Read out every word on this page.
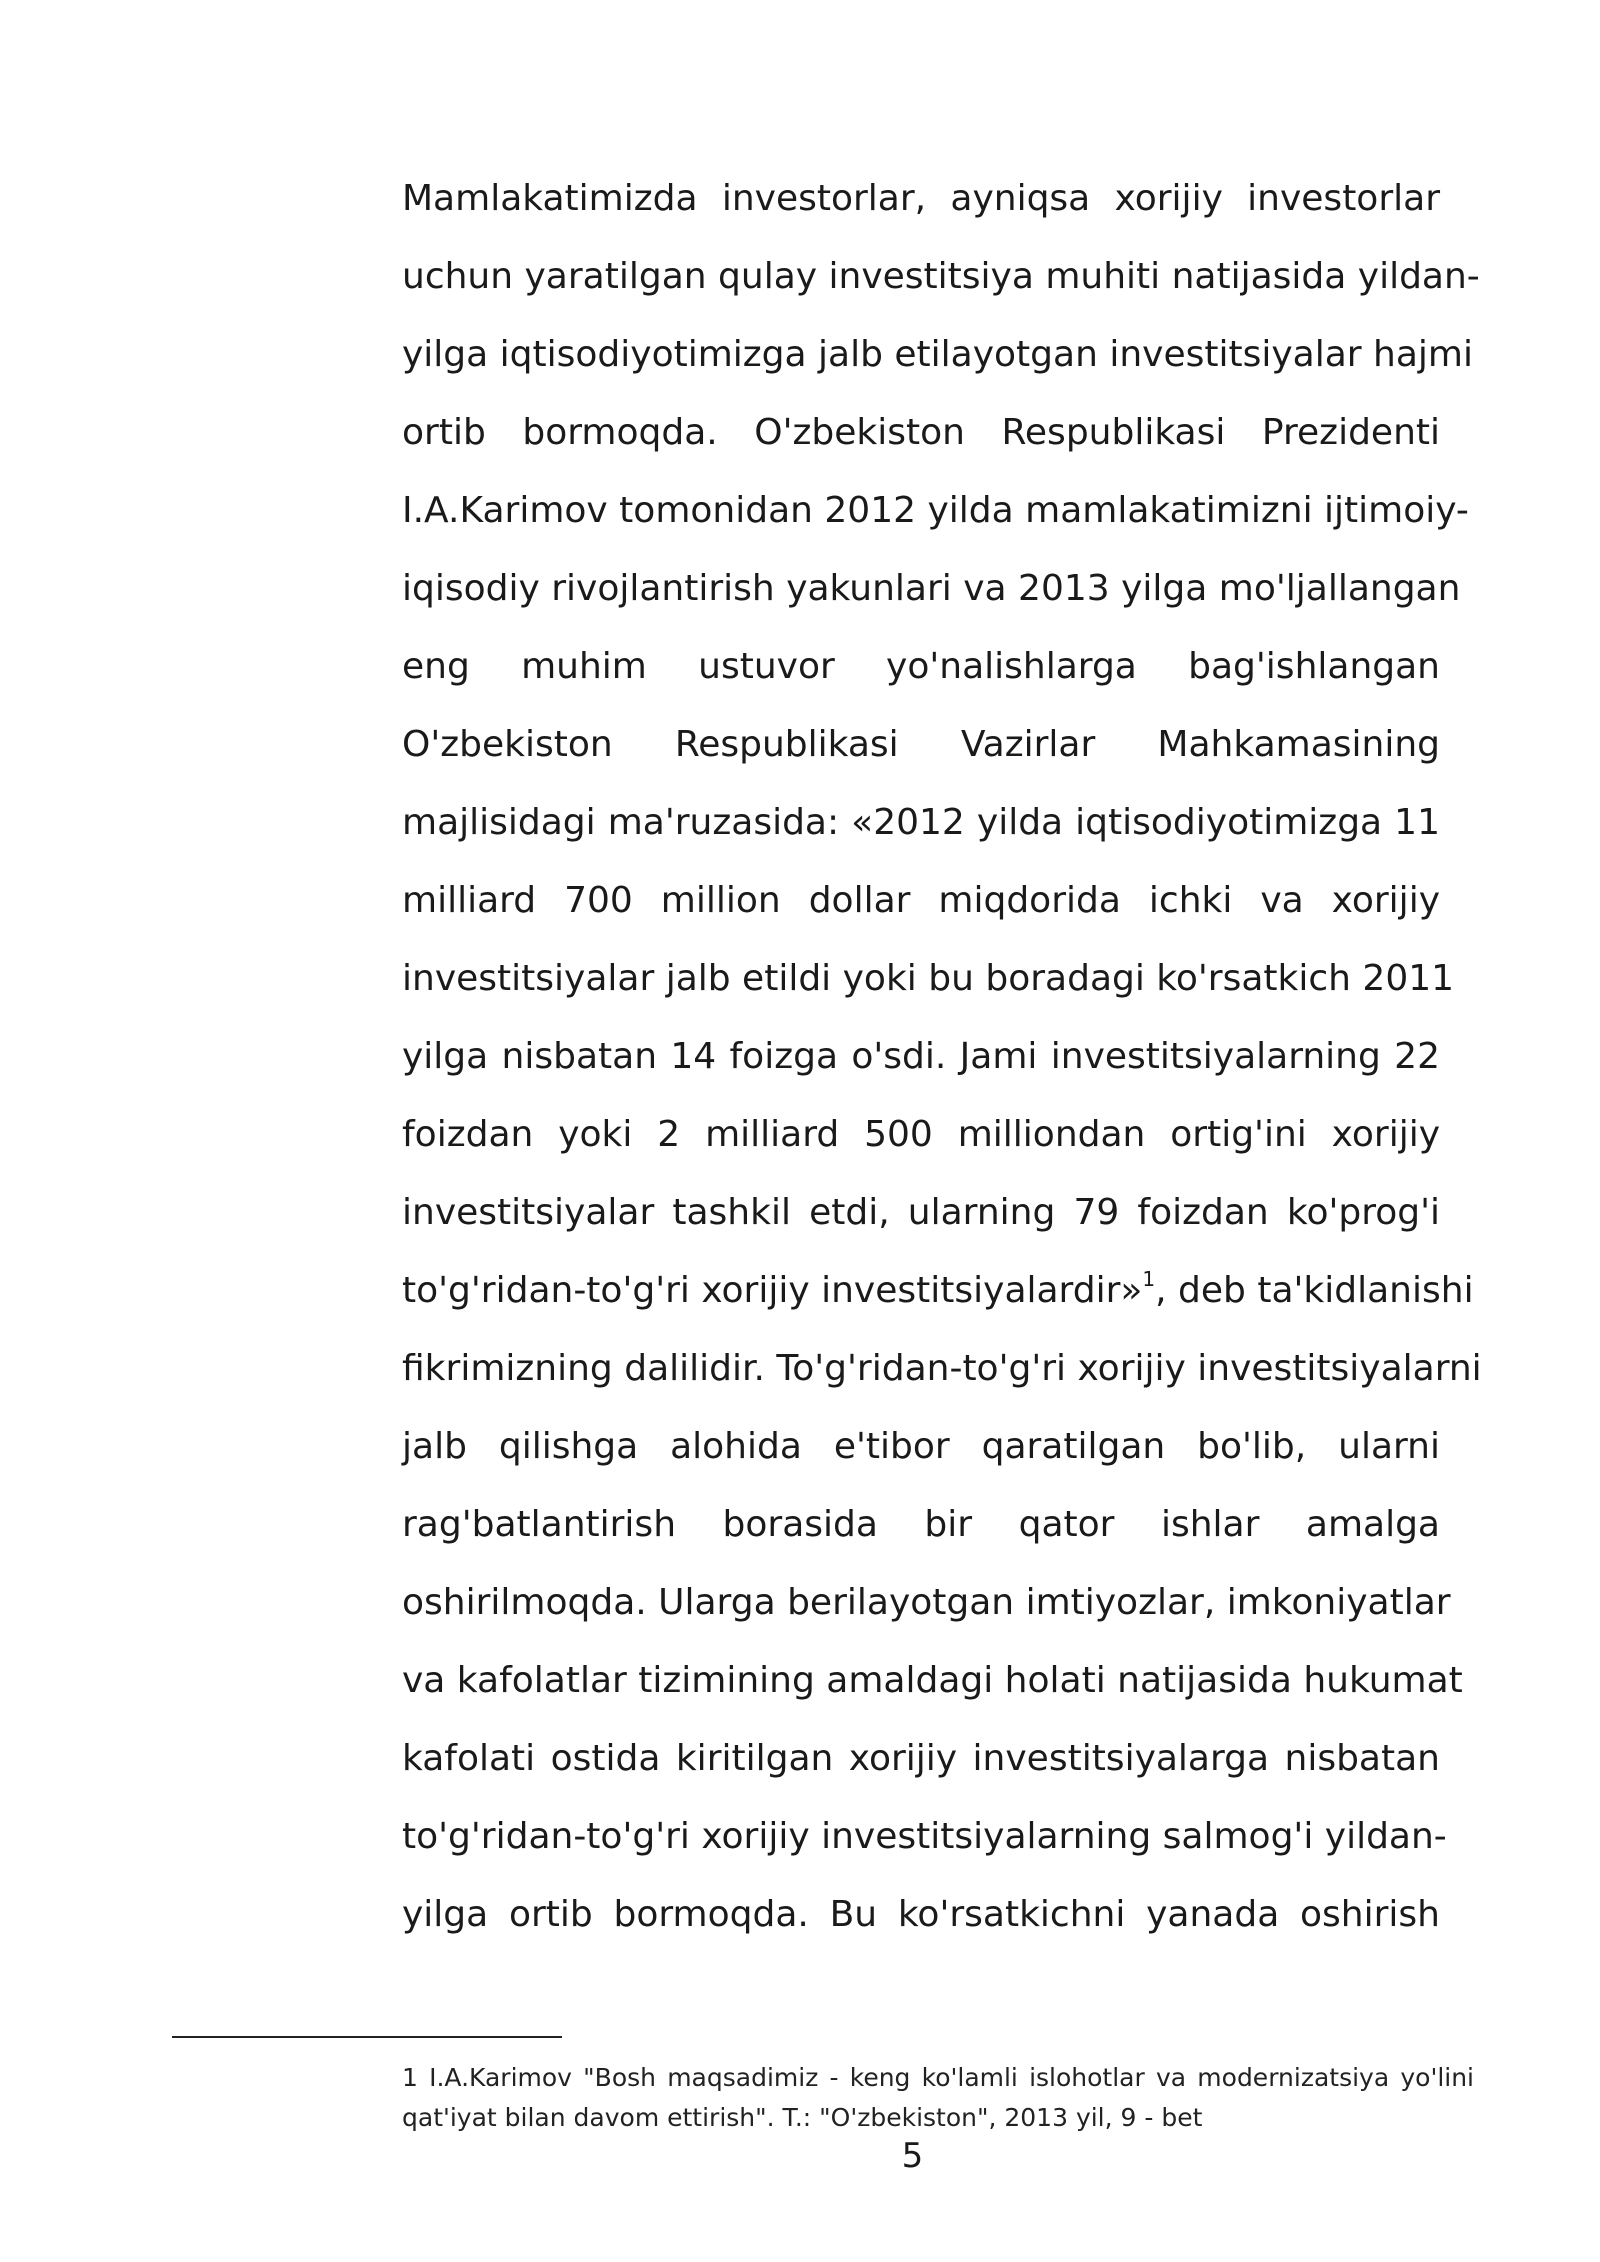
Mamlakatimizda investorlar, ayniqsa xorijiy investorlar
uchun yaratilgan qulay investitsiya muhiti natijasida yildan-
yilga iqtisodiyotimizga jalb etilayotgan investitsiyalar hajmi
ortib bormoqda. O'zbekiston Respublikasi Prezidenti
I.A.Karimov tomonidan 2012 yilda mamlakatimizni ijtimoiy-
iqisodiy rivojlantirish yakunlari va 2013 yilga mo'ljallangan
eng muhim ustuvor yo'nalishlarga bag'ishlangan
O'zbekiston Respublikasi Vazirlar Mahkamasining
majlisidagi ma'ruzasida: «2012 yilda iqtisodiyotimizga 11
milliard 700 million dollar miqdorida ichki va xorijiy
investitsiyalar jalb etildi yoki bu boradagi ko'rsatkich 2011
yilga nisbatan 14 foizga o'sdi. Jami investitsiyalarning 22
foizdan yoki 2 milliard 500 milliondan ortig'ini xorijiy
investitsiyalar tashkil etdi, ularning 79 foizdan ko'prog'i
to'g'ridan-to'g'ri xorijiy investitsiyalardir»$^1$, deb ta'kidlanishi
fikrimizning dalilidir. To'g'ridan-to'g'ri xorijiy investitsiyalarni
jalb qilishga alohida e'tibor qaratilgan bo'lib, ularni
rag'batlantirish borasida bir qator ishlar amalga
oshirilmoqda. Ularga berilayotgan imtiyozlar, imkoniyatlar
va kafolatlar tizimining amaldagi holati natijasida hukumat
kafolati ostida kiritilgan xorijiy investitsiyalarga nisbatan
to'g'ridan-to'g'ri xorijiy investitsiyalarning salmog'i yildan-
yilga ortib bormoqda. Bu ko'rsatkichni yanada oshirish
1 I.A.Karimov "Bosh maqsadimiz - keng ko'lamli islohotlar va modernizatsiya yo'lini
qat'iyat bilan davom ettirish". T.: "O'zbekiston", 2013 yil, 9 - bet
5
